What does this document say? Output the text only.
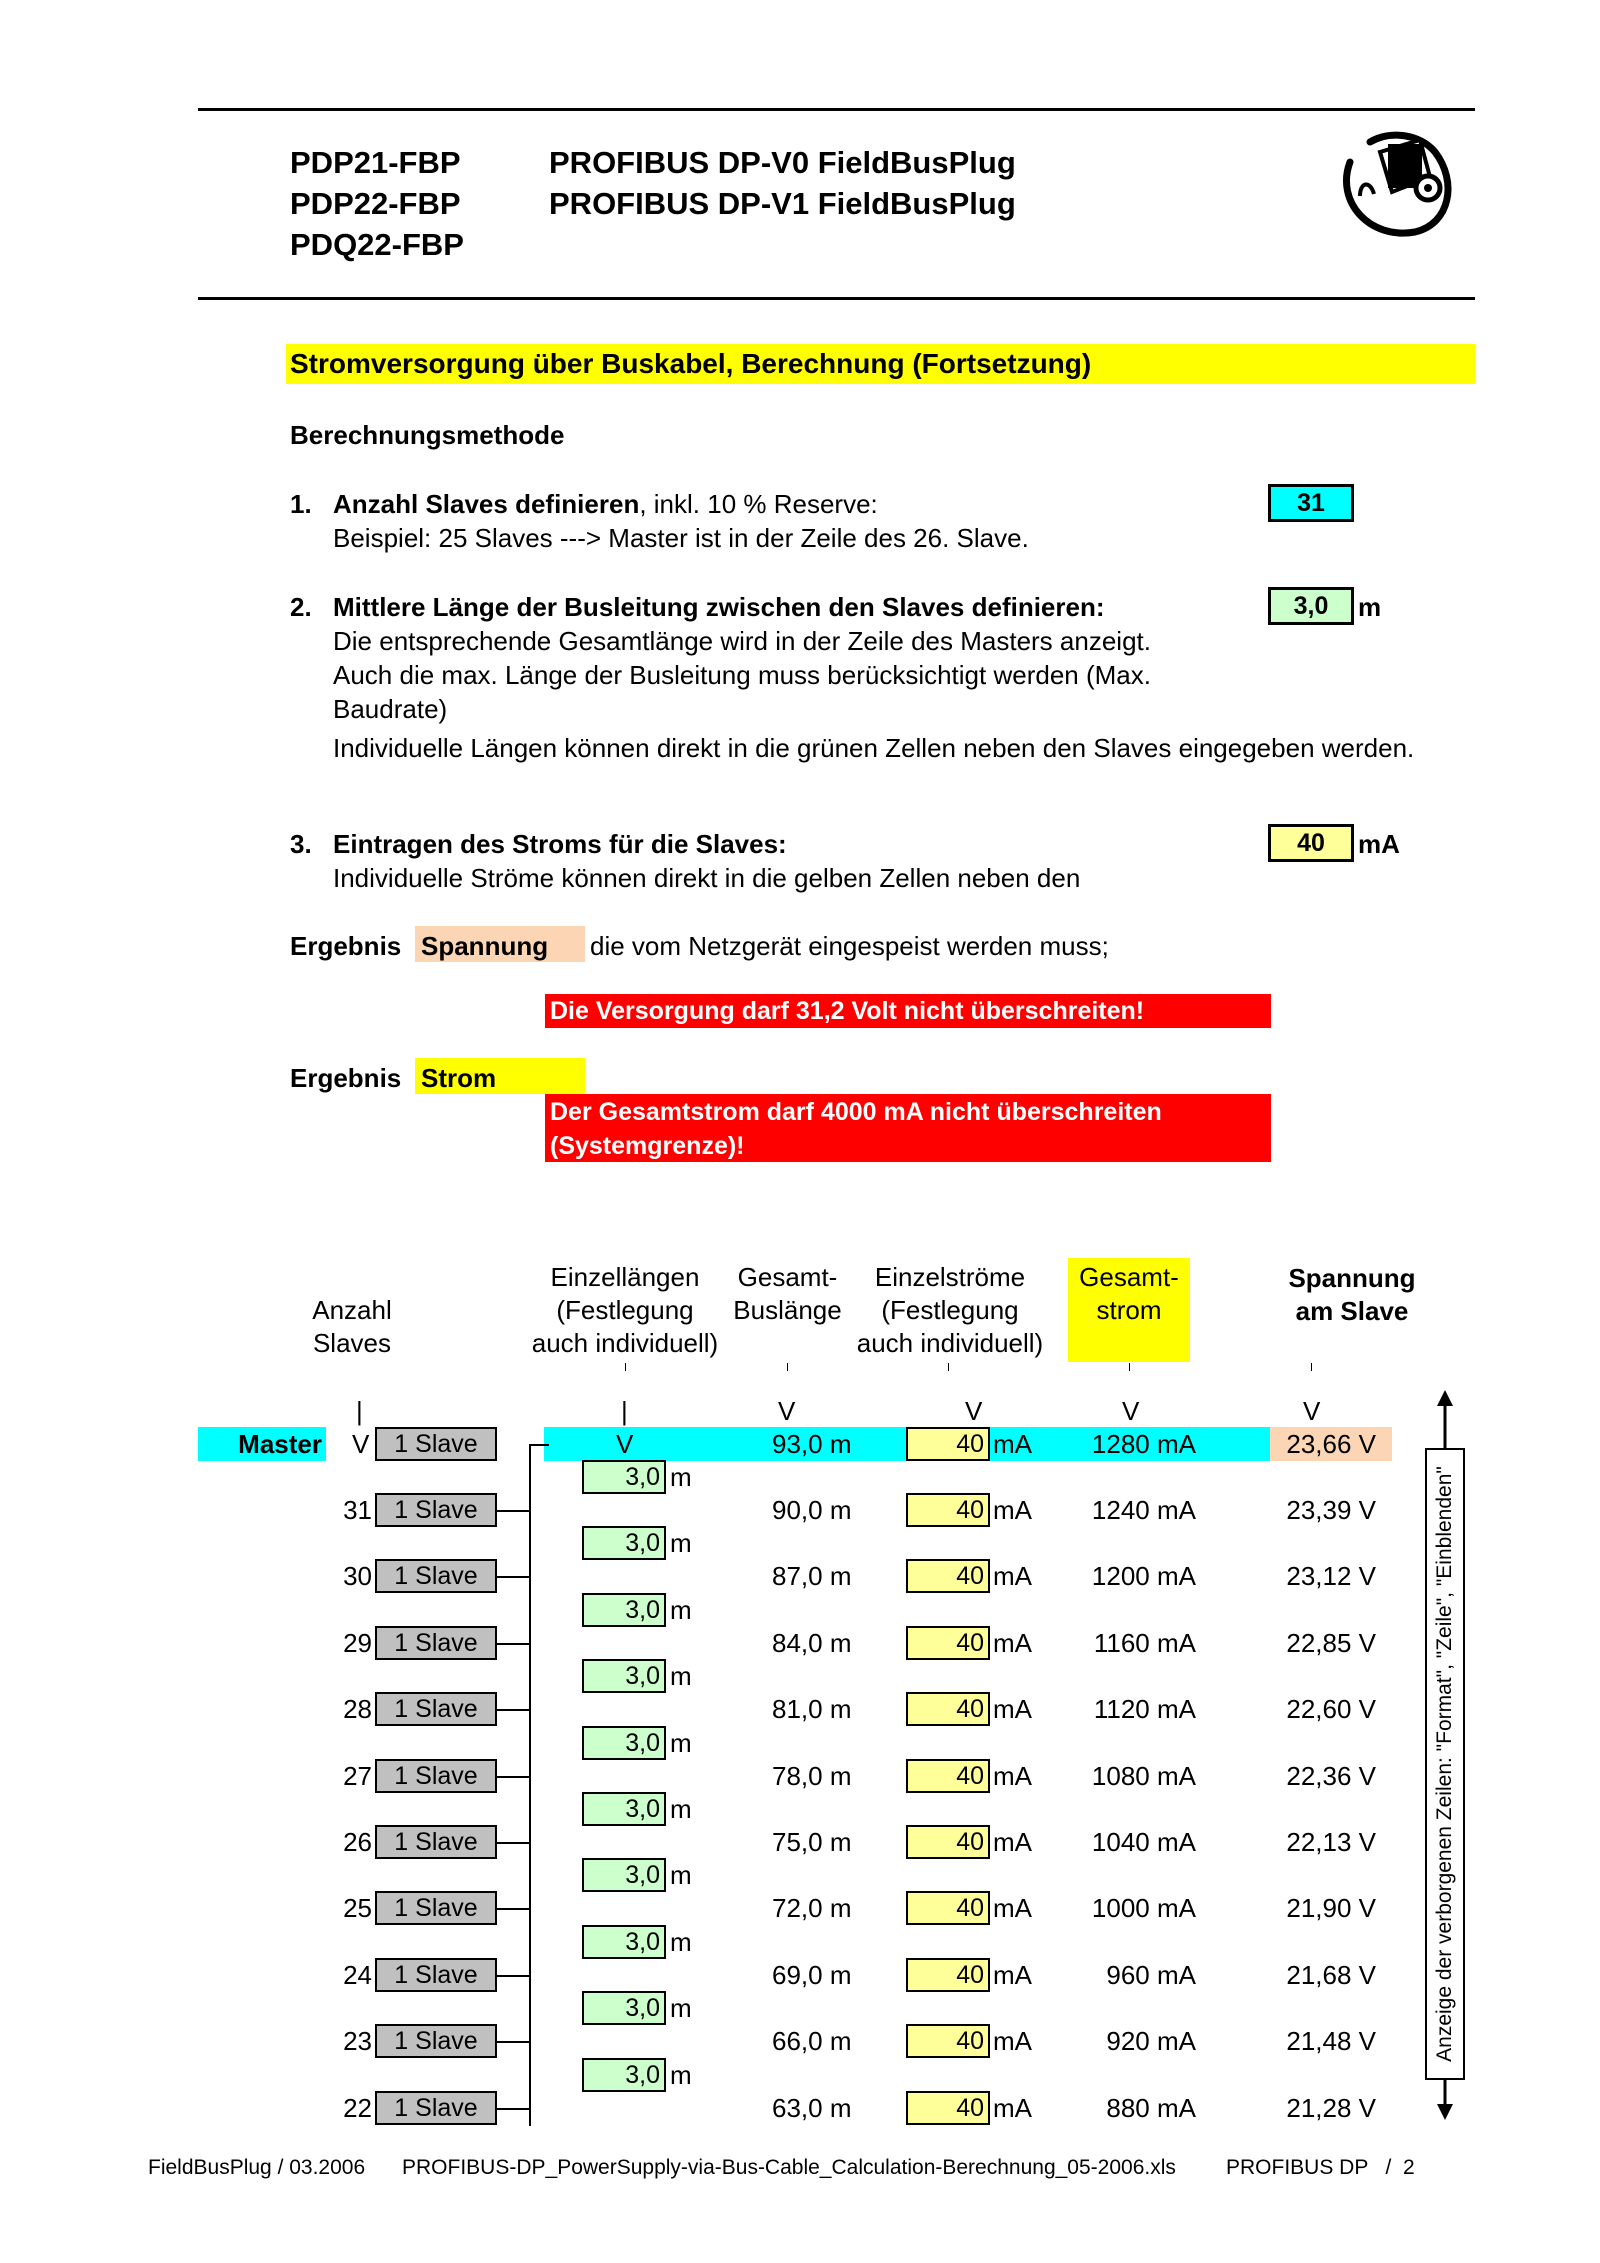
PDP21-FBP
PDP22-FBP
PDQ22-FBP
PROFIBUS DP-V0 FieldBusPlug
PROFIBUS DP-V1 FieldBusPlug
Stromversorgung über Buskabel, Berechnung (Fortsetzung)
Berechnungsmethode
1. Anzahl Slaves definieren, inkl. 10 % Reserve:
Beispiel: 25 Slaves ---> Master ist in der Zeile des 26. Slave.
31
2. Mittlere Länge der Busleitung zwischen den Slaves definieren:
Die entsprechende Gesamtlänge wird in der Zeile des Masters anzeigt.
Auch die max. Länge der Busleitung muss berücksichtigt werden (Max.
Baudrate)
Individuelle Längen können direkt in die grünen Zellen neben den Slaves eingegeben werden.
3,0	m
3. Eintragen des Stroms für die Slaves:
Individuelle Ströme können direkt in die gelben Zellen neben den
40	mA
Ergebnis Spannung die vom Netzgerät eingespeist werden muss;
Die Versorgung darf 31,2 Volt nicht überschreiten!
Ergebnis Strom
Der Gesamtstrom darf 4000 mA nicht überschreiten
(Systemgrenze)!
Anzahl
Slaves
Einzellängen
(Festlegung
auch individuell)
Gesamt-
Buslänge
Einzelströme
(Festlegung
auch individuell)
Gesamt-
strom
Spannung
am Slave
|	|	V	V	V	V
Master V 1 Slave	V	93,0 m	40 mA 1280 mA	23,66 V
3,0 m
31 1 Slave	90,0 m	40 mA 1240 mA	23,39 V
3,0 m
30 1 Slave	87,0 m	40 mA 1200 mA	23,12 V
3,0 m
29 1 Slave	84,0 m	40 mA 1160 mA	22,85 V
3,0 m
28 1 Slave	81,0 m	40 mA 1120 mA	22,60 V
3,0 m
27 1 Slave	78,0 m	40 mA 1080 mA	22,36 V
3,0 m
26 1 Slave	75,0 m	40 mA 1040 mA	22,13 V
3,0 m
25 1 Slave	72,0 m	40 mA 1000 mA	21,90 V
3,0 m
24 1 Slave	69,0 m	40 mA	960 mA	21,68 V
3,0 m
23 1 Slave	66,0 m	40 mA	920 mA	21,48 V
3,0 m
22 1 Slave	63,0 m	40 mA	880 mA	21,28 V
Anzeige der verborgenen Zeilen: "Format", "Zeile", "Einblenden"
FieldBusPlug / 03.2006 PROFIBUS-DP_PowerSupply-via-Bus-Cable_Calculation-Berechnung_05-2006.xls PROFIBUS DP   /  2
